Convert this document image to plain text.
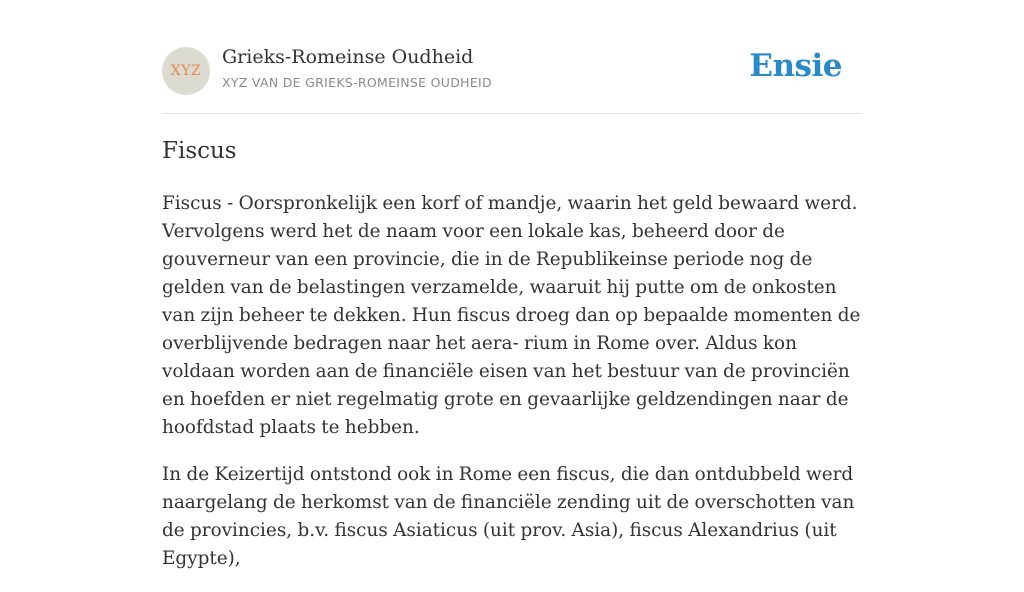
XYZ
Grieks-Romeinse Oudheid
XYZ VAN DE GRIEKS-ROMEINSE OUDHEID	Ensie
Fiscus

Fiscus - Oorspronkelijk een korf of mandje, waarin het geld bewaard werd. Vervolgens werd het de naam voor een lokale kas, beheerd door de gouverneur van een provincie, die in de Republikeinse periode nog de gelden van de belastingen verzamelde, waaruit hij putte om de onkosten van zijn beheer te dekken. Hun fiscus droeg dan op bepaalde momenten de overblijvende bedragen naar het aera- rium in Rome over. Aldus kon voldaan worden aan de financiële eisen van het bestuur van de provinciën en hoefden er niet regelmatig grote en gevaarlijke geldzendingen naar de hoofdstad plaats te hebben.

In de Keizertijd ontstond ook in Rome een fiscus, die dan ontdubbeld werd naargelang de herkomst van de financiële zending uit de overschotten van de provincies, b.v. fiscus Asiaticus (uit prov. Asia), fiscus Alexandrius (uit Egypte),
